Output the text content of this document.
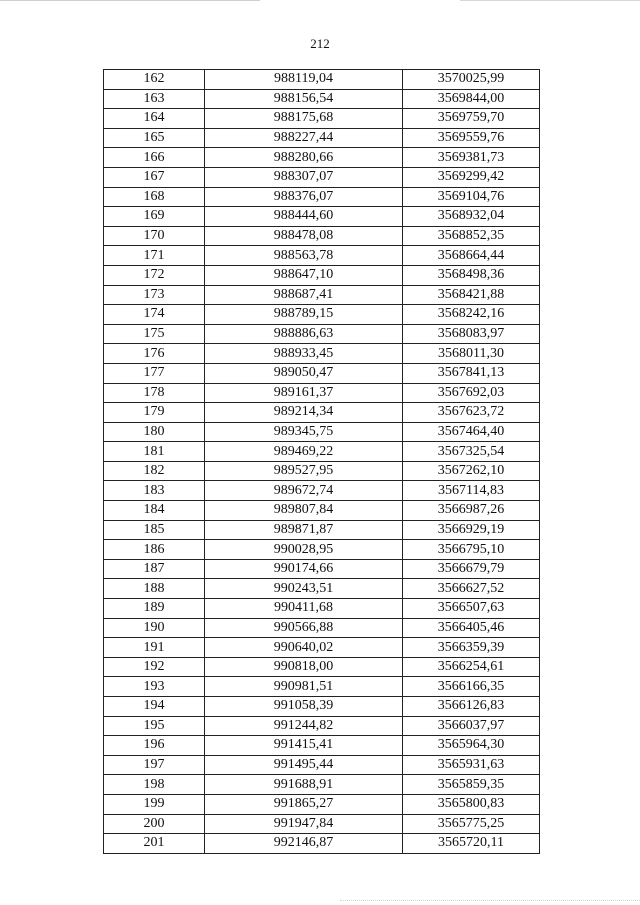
212
162	988119,04	3570025,99
163	988156,54	3569844,00
164	988175,68	3569759,70
165	988227,44	3569559,76
166	988280,66	3569381,73
167	988307,07	3569299,42
168	988376,07	3569104,76
169	988444,60	3568932,04
170	988478,08	3568852,35
171	988563,78	3568664,44
172	988647,10	3568498,36
173	988687,41	3568421,88
174	988789,15	3568242,16
175	988886,63	3568083,97
176	988933,45	3568011,30
177	989050,47	3567841,13
178	989161,37	3567692,03
179	989214,34	3567623,72
180	989345,75	3567464,40
181	989469,22	3567325,54
182	989527,95	3567262,10
183	989672,74	3567114,83
184	989807,84	3566987,26
185	989871,87	3566929,19
186	990028,95	3566795,10
187	990174,66	3566679,79
188	990243,51	3566627,52
189	990411,68	3566507,63
190	990566,88	3566405,46
191	990640,02	3566359,39
192	990818,00	3566254,61
193	990981,51	3566166,35
194	991058,39	3566126,83
195	991244,82	3566037,97
196	991415,41	3565964,30
197	991495,44	3565931,63
198	991688,91	3565859,35
199	991865,27	3565800,83
200	991947,84	3565775,25
201	992146,87	3565720,11
